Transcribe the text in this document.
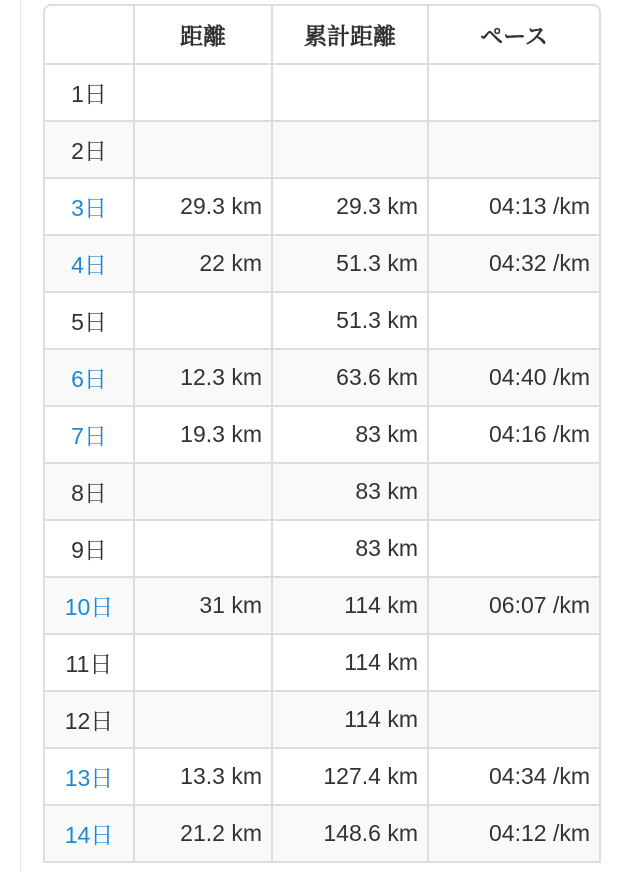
	距離	累計距離	ペース
1日			
2日			
3日	29.3 km	29.3 km	04:13 /km
4日	22 km	51.3 km	04:32 /km
5日		51.3 km	
6日	12.3 km	63.6 km	04:40 /km
7日	19.3 km	83 km	04:16 /km
8日		83 km	
9日		83 km	
10日	31 km	114 km	06:07 /km
11日		114 km	
12日		114 km	
13日	13.3 km	127.4 km	04:34 /km
14日	21.2 km	148.6 km	04:12 /km
